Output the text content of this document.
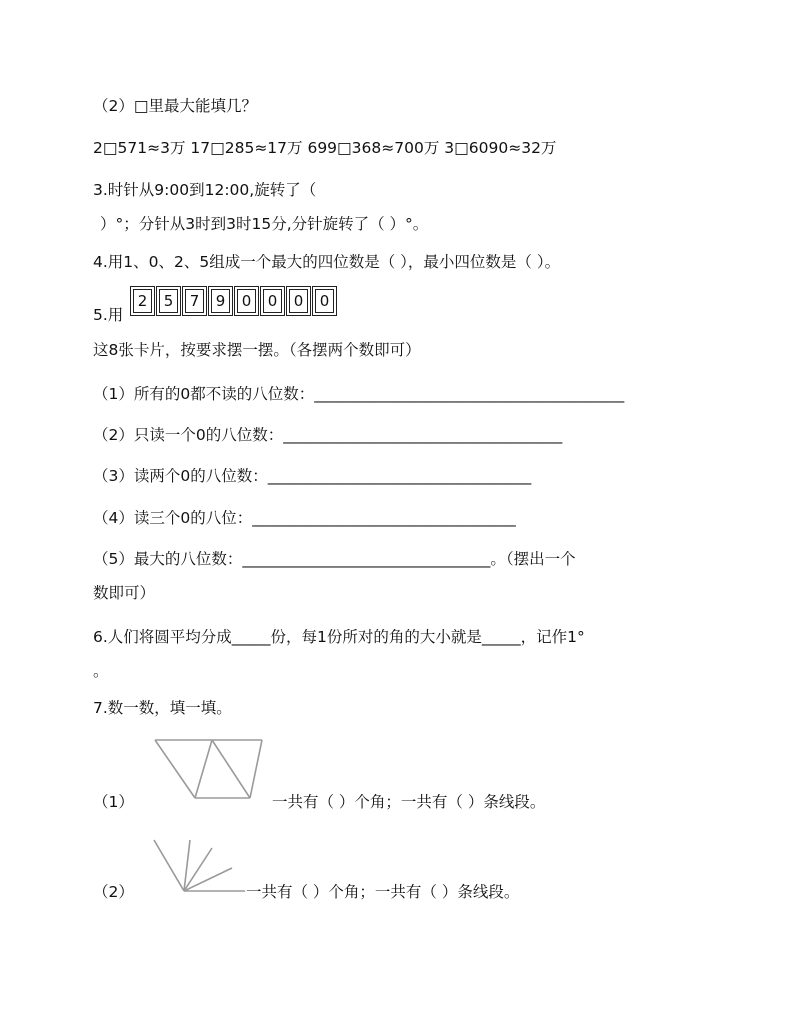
（2）□里最大能填几？
2□571≈3万 17□285≈17万 699□368≈700万 3□6090≈32万
3.时针从9:00到12:00,旋转了（
）°；分针从3时到3时15分,分针旋转了（ ）°。
4.用1、0、2、5组成一个最大的四位数是（ ），最小四位数是（ ）。
5.用
2	5	7	9	0	0	0	0
这8张卡片，按要求摆一摆。（各摆两个数即可）
（1）所有的0都不读的八位数：________________________________________
（2）只读一个0的八位数：____________________________________
（3）读两个0的八位数：__________________________________
（4）读三个0的八位：__________________________________
（5）最大的八位数：________________________________。（摆出一个
数即可）
6.人们将圆平均分成_____份，每1份所对的角的大小就是_____，记作1°
。
7.数一数，填一填。
（1）	一共有（ ）个角；一共有（ ）条线段。
（2）	一共有（ ）个角；一共有（ ）条线段。
